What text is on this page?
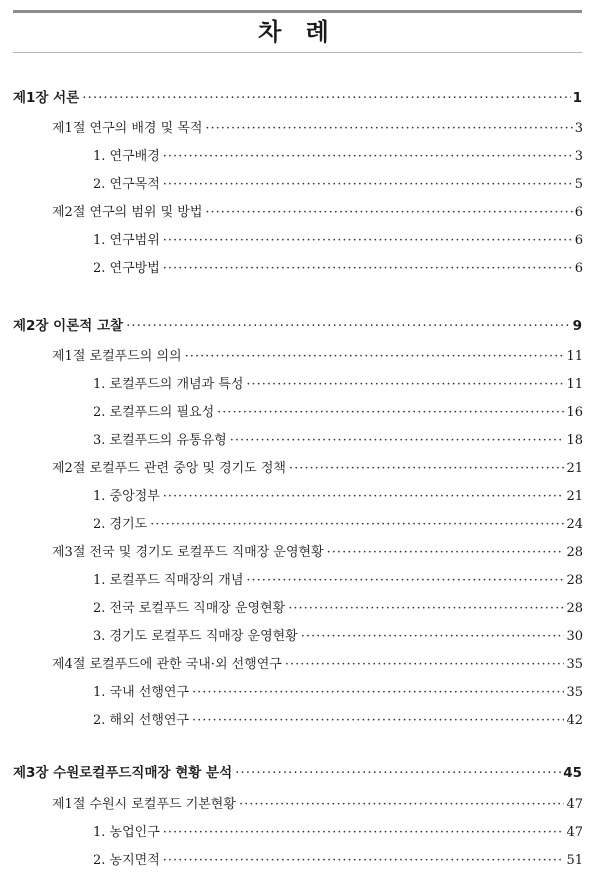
차 례
제1장 서론 ·····	1
제1절 연구의 배경 및 목적 ·····	3
1. 연구배경 ·····	3
2. 연구목적 ·····	5
제2절 연구의 범위 및 방법 ·····	6
1. 연구범위 ·····	6
2. 연구방법 ·····	6
제2장 이론적 고찰 ·····	9
제1절 로컬푸드의 의의 ·····	11
1. 로컬푸드의 개념과 특성 ·····	11
2. 로컬푸드의 필요성 ·····	16
3. 로컬푸드의 유통유형 ·····	18
제2절 로컬푸드 관련 중앙 및 경기도 정책 ·····	21
1. 중앙정부 ·····	21
2. 경기도 ·····	24
제3절 전국 및 경기도 로컬푸드 직매장 운영현황 ·····	28
1. 로컬푸드 직매장의 개념 ·····	28
2. 전국 로컬푸드 직매장 운영현황 ·····	28
3. 경기도 로컬푸드 직매장 운영현황 ·····	30
제4절 로컬푸드에 관한 국내·외 선행연구 ·····	35
1. 국내 선행연구 ·····	35
2. 해외 선행연구 ·····	42
제3장 수원로컬푸드직매장 현황 분석 ·····	45
제1절 수원시 로컬푸드 기본현황 ·····	47
1. 농업인구 ·····	47
2. 농지면적 ·····	51
